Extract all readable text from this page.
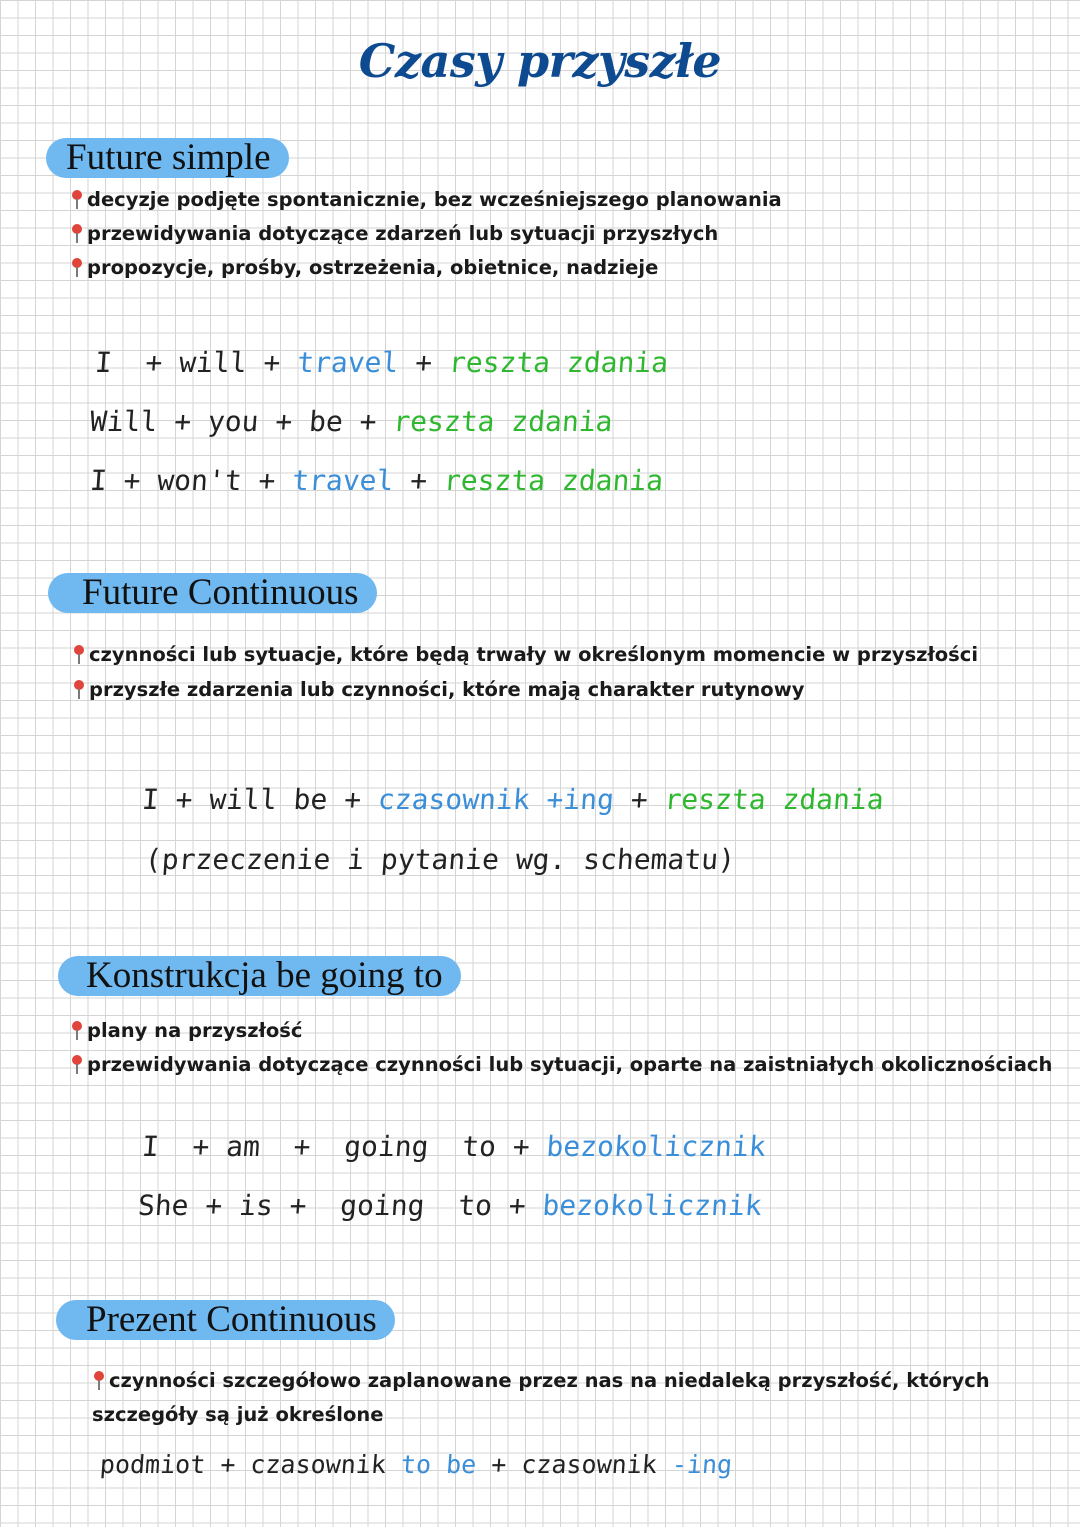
Czasy przyszłe
Future simple
decyzje podjęte spontanicznie, bez wcześniejszego planowania
przewidywania dotyczące zdarzeń lub sytuacji przyszłych
propozycje, prośby, ostrzeżenia, obietnice, nadzieje
I  + will + travel + reszta zdania
Will + you + be + reszta zdania
I + won't + travel + reszta zdania
Future Continuous
czynności lub sytuacje, które będą trwały w określonym momencie w przyszłości
przyszłe zdarzenia lub czynności, które mają charakter rutynowy
I + will be + czasownik +ing + reszta zdania
(przeczenie i pytanie wg. schematu)
Konstrukcja be going to
plany na przyszłość
przewidywania dotyczące czynności lub sytuacji, oparte na zaistniałych okolicznościach
I  + am  +  going  to + bezokolicznik
She + is +  going  to + bezokolicznik
Prezent Continuous
czynności szczegółowo zaplanowane przez nas na niedaleką przyszłość, których szczegóły są już określone
podmiot + czasownik to be + czasownik -ing
